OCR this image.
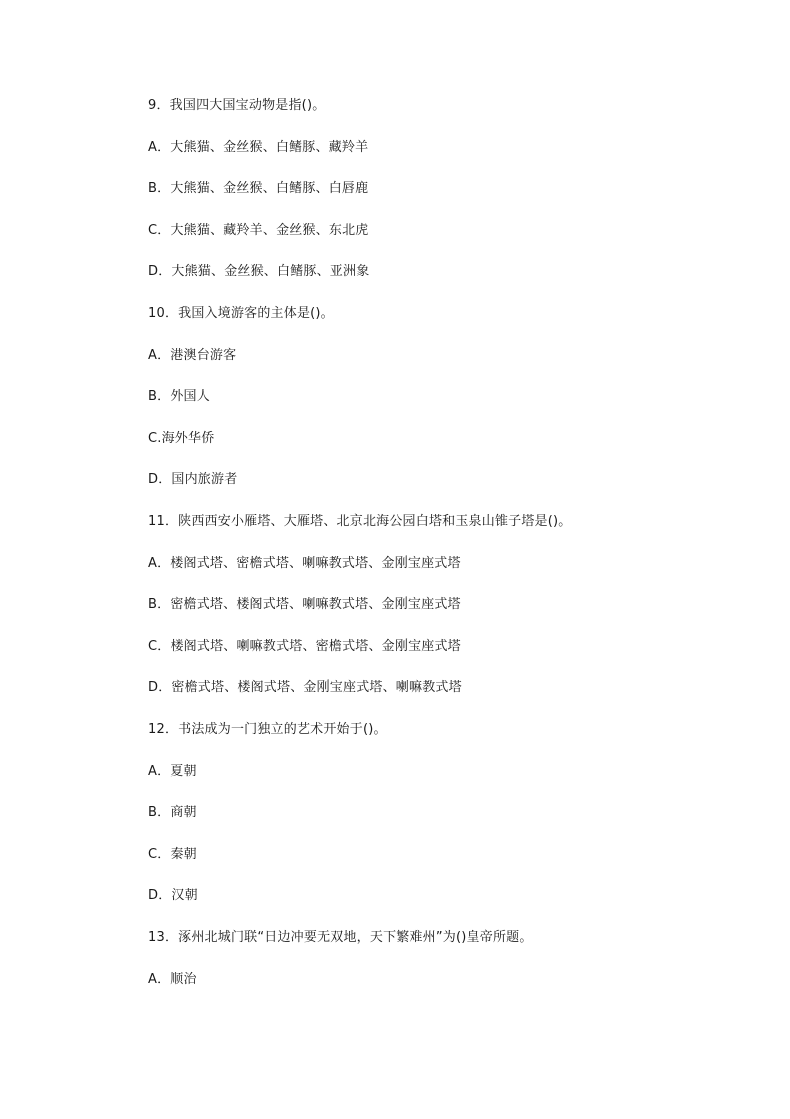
9．我国四大国宝动物是指()。

A．大熊猫、金丝猴、白鳍豚、藏羚羊

B．大熊猫、金丝猴、白鳍豚、白唇鹿

C．大熊猫、藏羚羊、金丝猴、东北虎

D．大熊猫、金丝猴、白鳍豚、亚洲象

10．我国入境游客的主体是()。

A．港澳台游客

B．外国人

C.海外华侨

D．国内旅游者

11．陕西西安小雁塔、大雁塔、北京北海公园白塔和玉泉山锥子塔是()。

A．楼阁式塔、密檐式塔、喇嘛教式塔、金刚宝座式塔

B．密檐式塔、楼阁式塔、喇嘛教式塔、金刚宝座式塔

C．楼阁式塔、喇嘛教式塔、密檐式塔、金刚宝座式塔

D．密檐式塔、楼阁式塔、金刚宝座式塔、喇嘛教式塔

12．书法成为一门独立的艺术开始于()。

A．夏朝

B．商朝

C．秦朝

D．汉朝

13．涿州北城门联“日边冲要无双地，天下繁难州”为()皇帝所题。

A．顺治
